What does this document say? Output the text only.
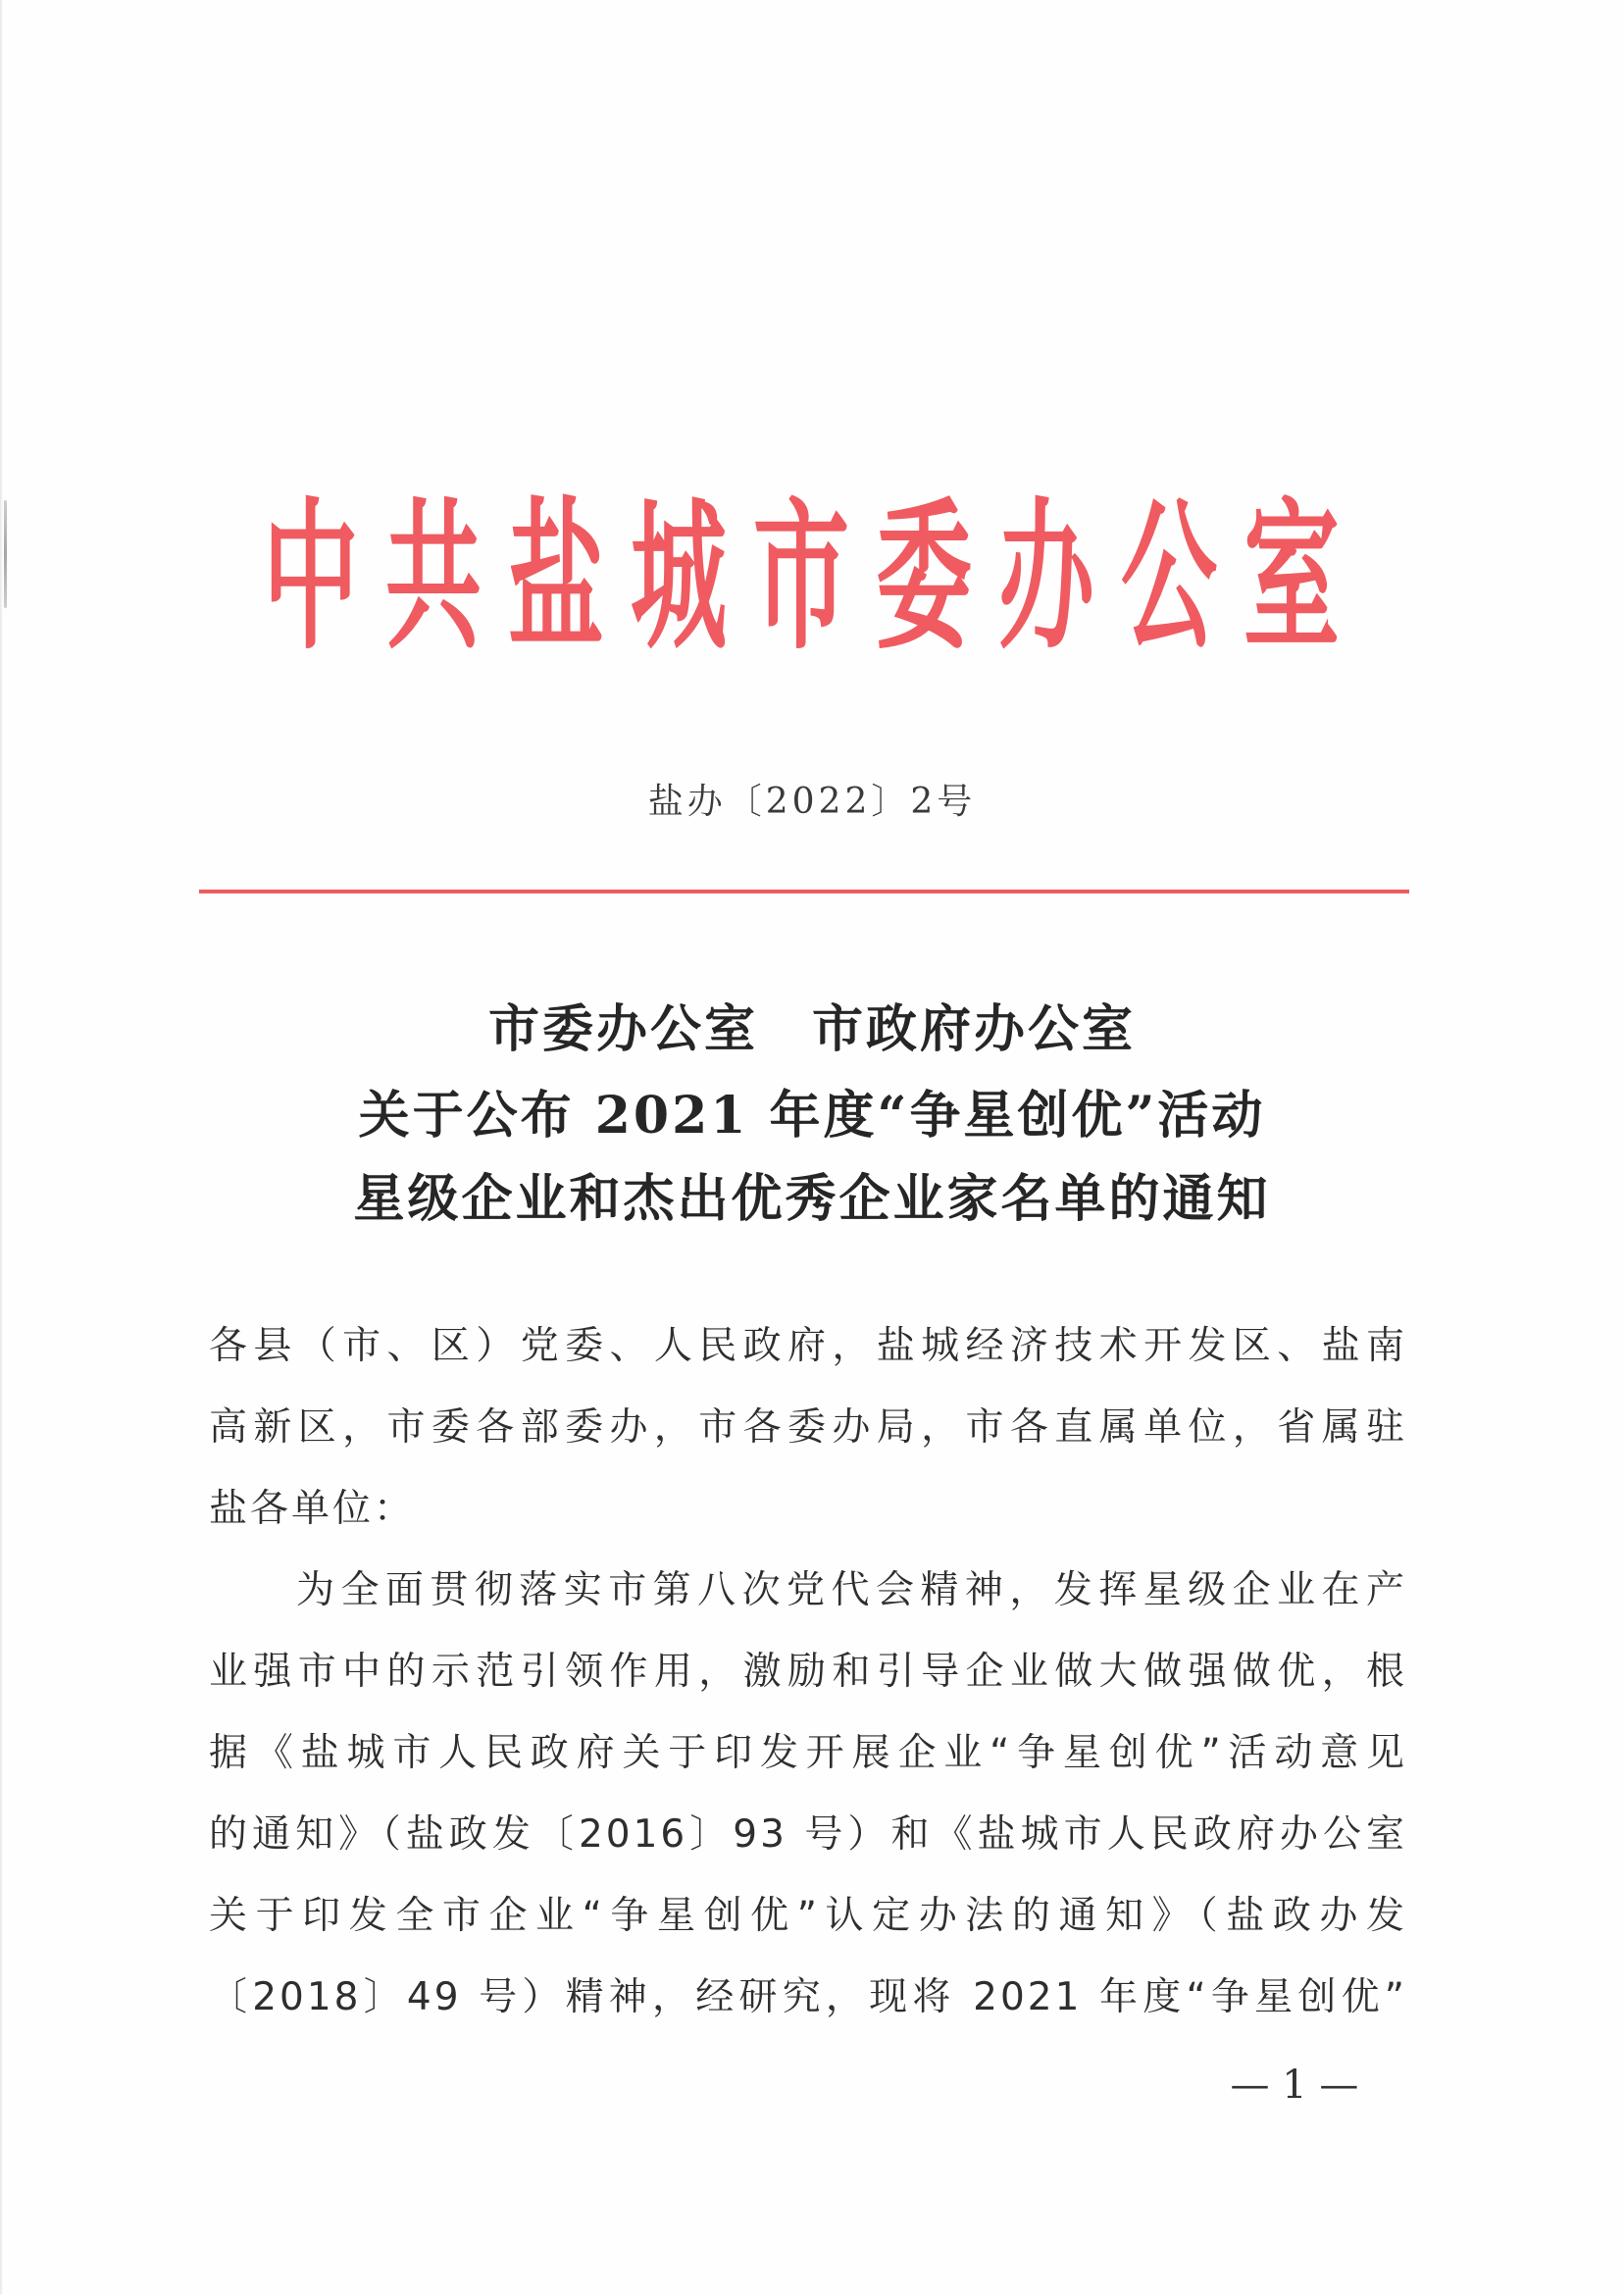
中 共 盐 城 市 委 办 公 室
盐办〔2022〕2号
市委办公室　市政府办公室
关于公布 2021 年度“争星创优”活动
星级企业和杰出优秀企业家名单的通知
各县（市、区）党委、人民政府，盐城经济技术开发区、盐南
高新区，市委各部委办，市各委办局，市各直属单位，省属驻
盐各单位：
为全面贯彻落实市第八次党代会精神，发挥星级企业在产
业强市中的示范引领作用，激励和引导企业做大做强做优，根
据《盐城市人民政府关于印发开展企业“争星创优”活动意见
的通知》（盐政发〔2016〕93 号）和《盐城市人民政府办公室
关于印发全市企业“争星创优”认定办法的通知》（盐政办发
〔2018〕49 号）精神，经研究，现将 2021 年度“争星创优”
— 1 —
